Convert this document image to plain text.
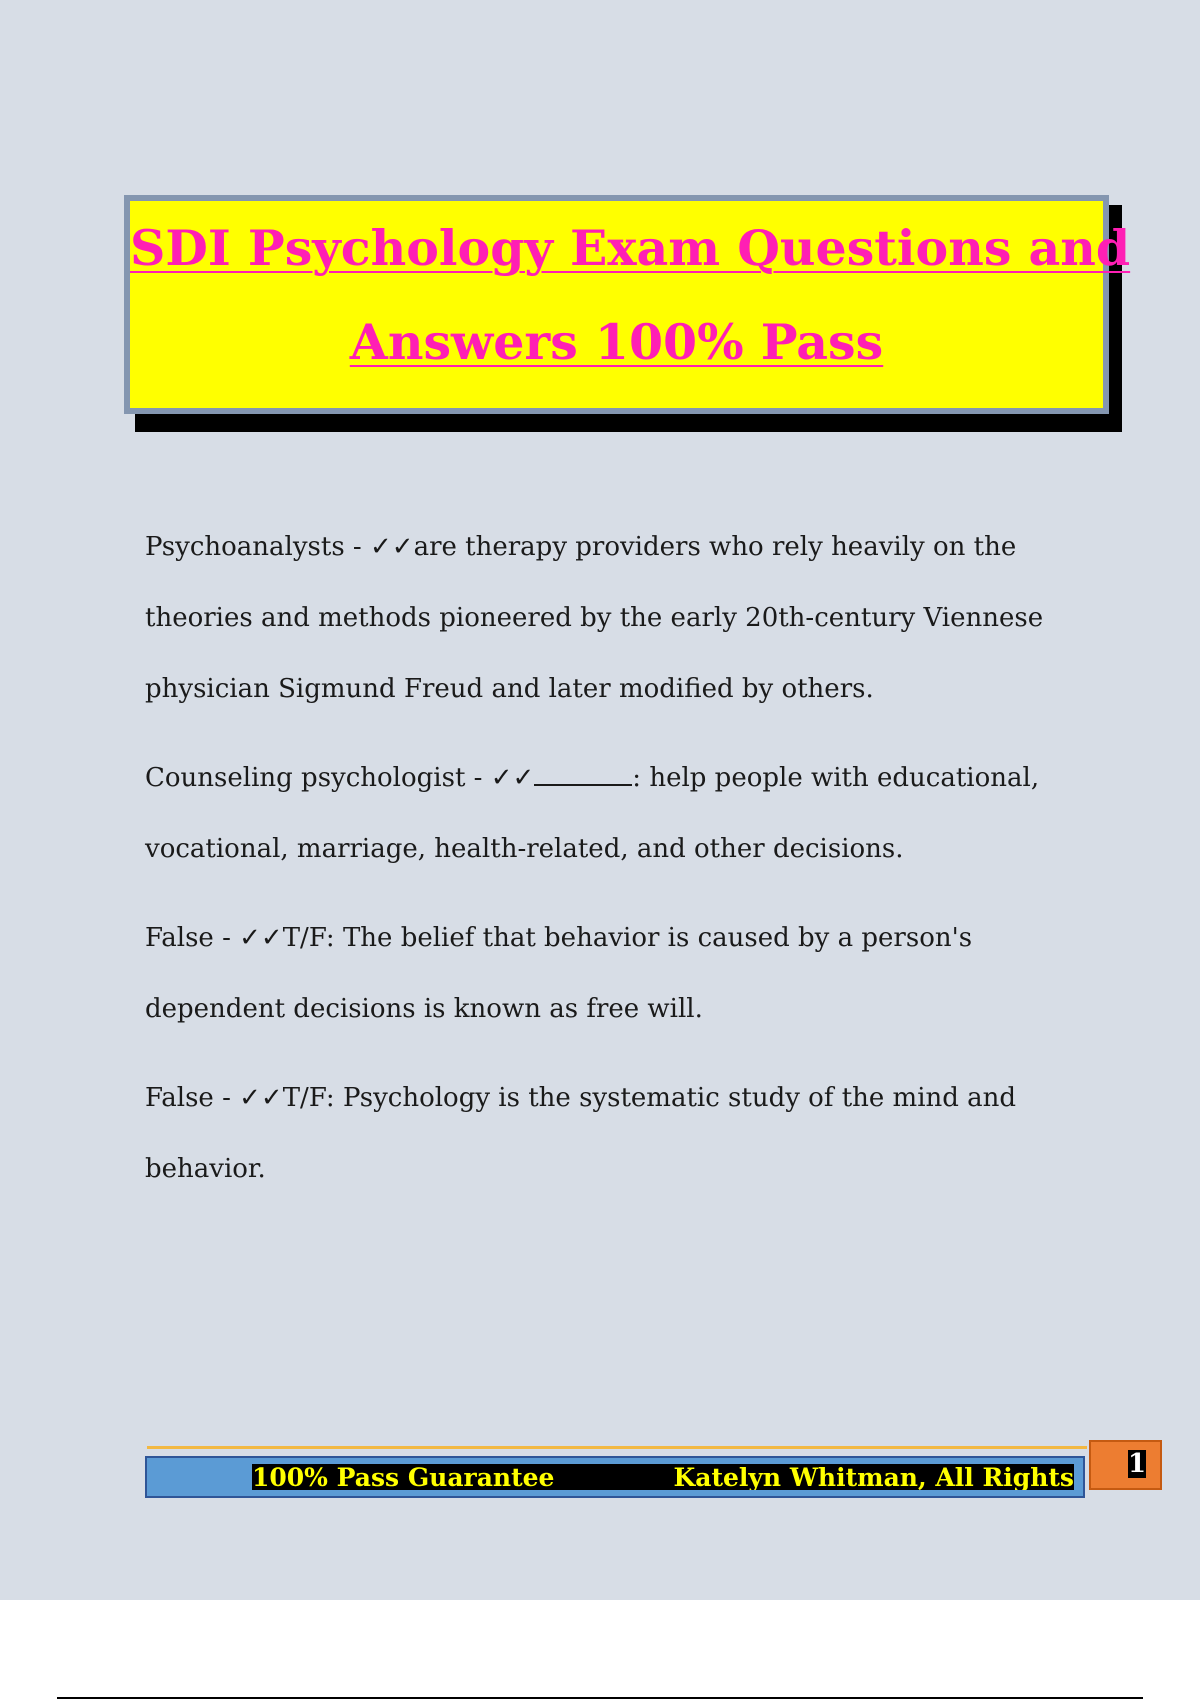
SDI Psychology Exam Questions and
Answers 100% Pass

Psychoanalysts - ✓✓are therapy providers who rely heavily on the theories and methods pioneered by the early 20th-century Viennese physician Sigmund Freud and later modified by others.

Counseling psychologist - ✓✓	: help people with educational, vocational, marriage, health-related, and other decisions.

False - ✓✓T/F: The belief that behavior is caused by a person's dependent decisions is known as free will.

False - ✓✓T/F: Psychology is the systematic study of the mind and behavior.

100% Pass Guarantee	Katelyn Whitman, All Rights 1
